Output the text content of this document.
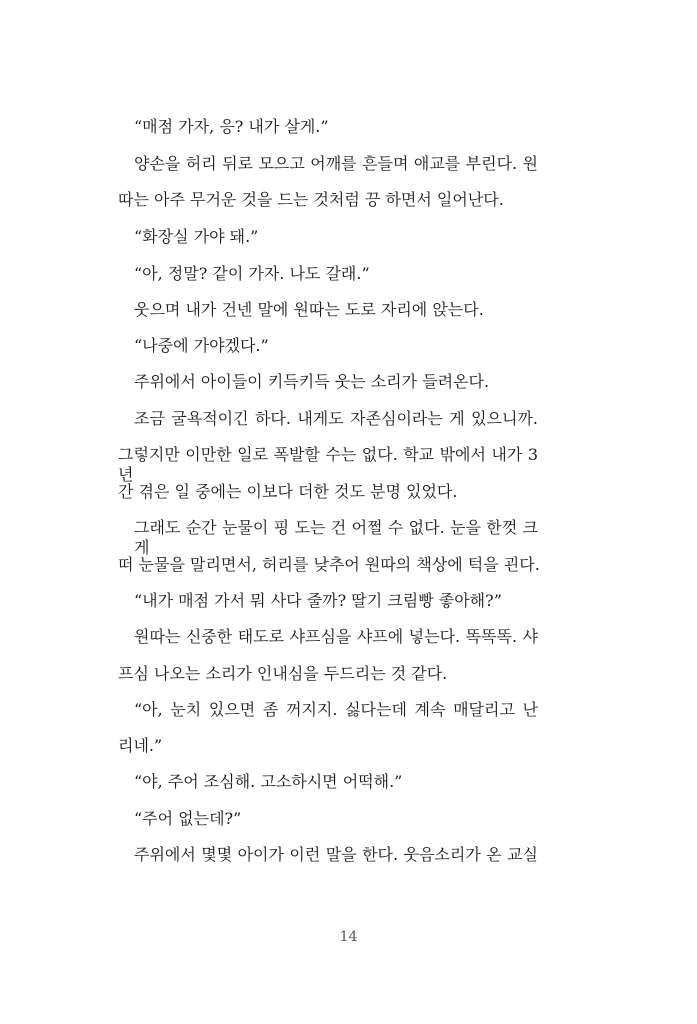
“매점 가자, 응? 내가 살게.”
양손을 허리 뒤로 모으고 어깨를 흔들며 애교를 부린다. 원
따는 아주 무거운 것을 드는 것처럼 끙 하면서 일어난다.
“화장실 가야 돼.”
“아, 정말? 같이 가자. 나도 갈래.”
웃으며 내가 건넨 말에 원따는 도로 자리에 앉는다.
“나중에 가야겠다.”
주위에서 아이들이 키득키득 웃는 소리가 들려온다.
조금 굴욕적이긴 하다. 내게도 자존심이라는 게 있으니까.
그렇지만 이만한 일로 폭발할 수는 없다. 학교 밖에서 내가 3년
간 겪은 일 중에는 이보다 더한 것도 분명 있었다.
그래도 순간 눈물이 핑 도는 건 어쩔 수 없다. 눈을 한껏 크게
떠 눈물을 말리면서, 허리를 낮추어 원따의 책상에 턱을 괸다.
“내가 매점 가서 뭐 사다 줄까? 딸기 크림빵 좋아해?”
원따는 신중한 태도로 샤프심을 샤프에 넣는다. 똑똑똑. 샤
프심 나오는 소리가 인내심을 두드리는 것 같다.
“아, 눈치 있으면 좀 꺼지지. 싫다는데 계속 매달리고 난
리네.”
“야, 주어 조심해. 고소하시면 어떡해.”
“주어 없는데?”
주위에서 몇몇 아이가 이런 말을 한다. 웃음소리가 온 교실
14
